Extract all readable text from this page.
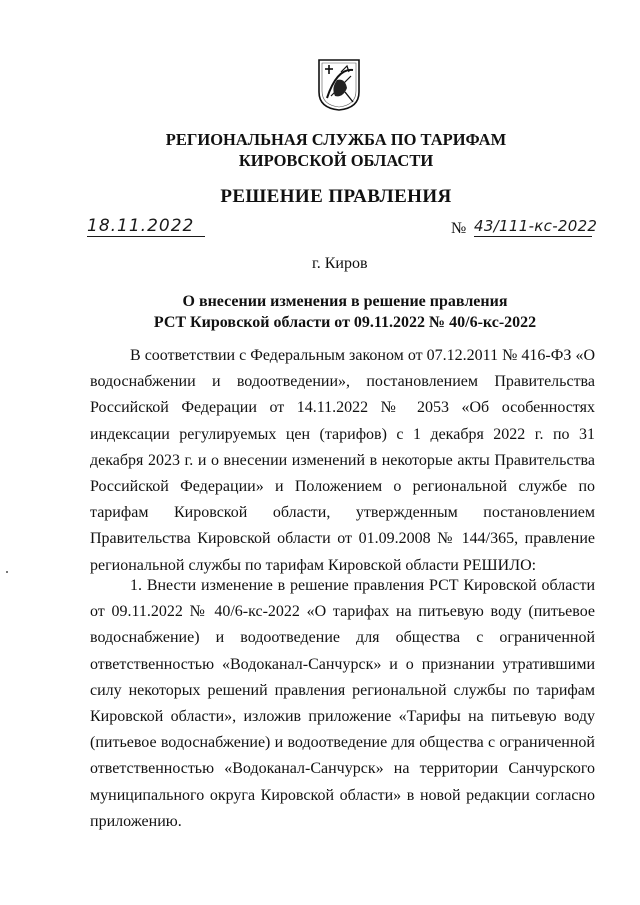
РЕГИОНАЛЬНАЯ СЛУЖБА ПО ТАРИФАМ
КИРОВСКОЙ ОБЛАСТИ
РЕШЕНИЕ ПРАВЛЕНИЯ
18.11.2022	№ 43/111-кс-2022
г. Киров
О внесении изменения в решение правления
РСТ Кировской области от 09.11.2022 № 40/6-кс-2022

В соответствии с Федеральным законом от 07.12.2011 № 416-ФЗ «О водоснабжении и водоотведении», постановлением Правительства Российской Федерации от 14.11.2022 № 2053 «Об особенностях индексации регулируемых цен (тарифов) с 1 декабря 2022 г. по 31 декабря 2023 г. и о внесении изменений в некоторые акты Правительства Российской Федерации» и Положением о региональной службе по тарифам Кировской области, утвержденным постановлением Правительства Кировской области от 01.09.2008 № 144/365, правление региональной службы по тарифам Кировской области РЕШИЛО:

1. Внести изменение в решение правления РСТ Кировской области от 09.11.2022 № 40/6-кс-2022 «О тарифах на питьевую воду (питьевое водоснабжение) и водоотведение для общества с ограниченной ответственностью «Водоканал-Санчурск» и о признании утратившими силу некоторых решений правления региональной службы по тарифам Кировской области», изложив приложение «Тарифы на питьевую воду (питьевое водоснабжение) и водоотведение для общества с ограниченной ответственностью «Водоканал-Санчурск» на территории Санчурского муниципального округа Кировской области» в новой редакции согласно приложению.
